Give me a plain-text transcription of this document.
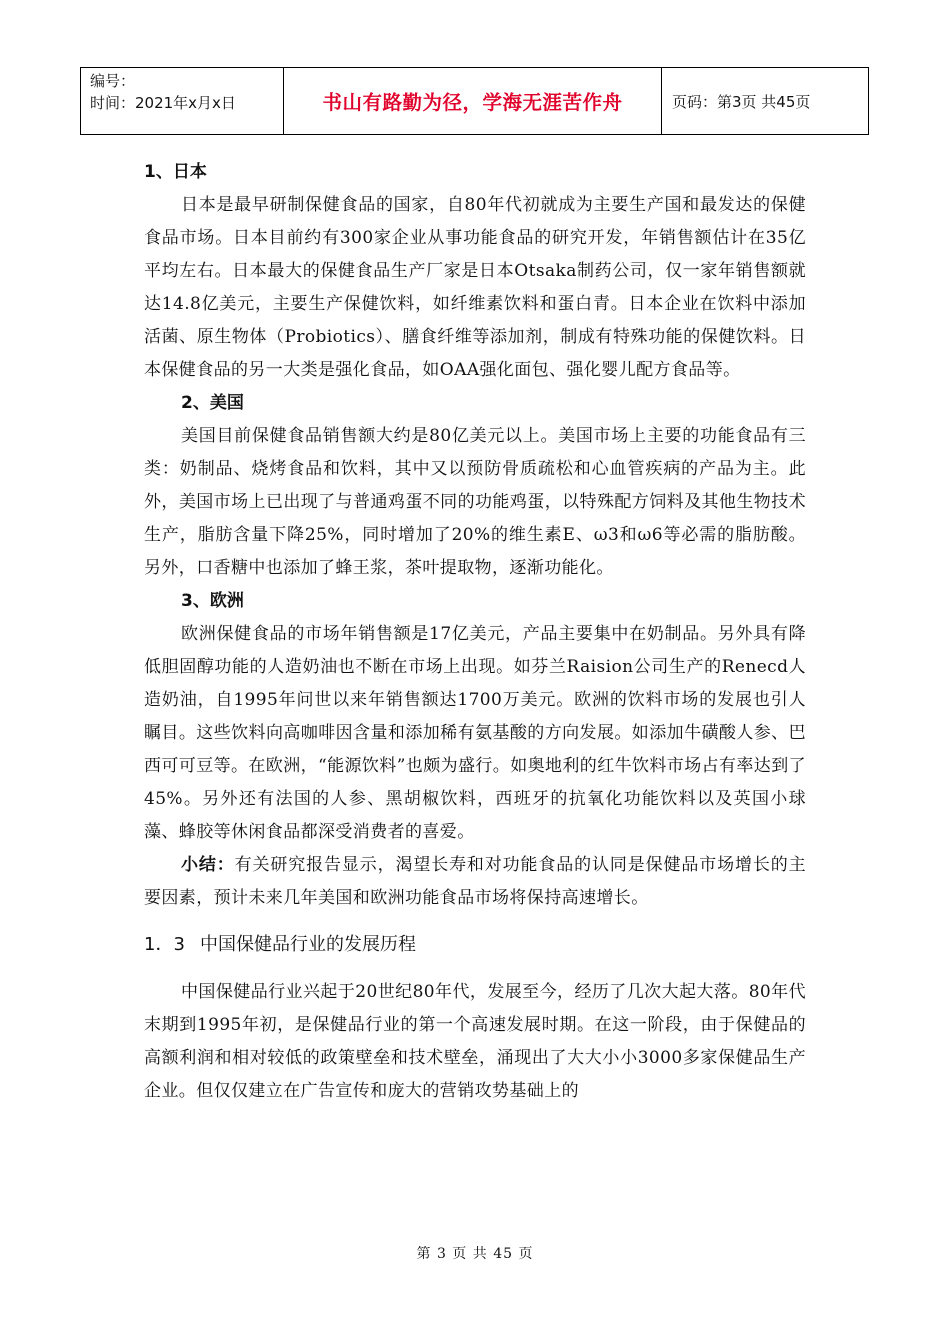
编号：
时间：2021年x月x日	书山有路勤为径，学海无涯苦作舟	页码：第3页 共45页

1、日本

日本是最早研制保健食品的国家，自80年代初就成为主要生产国和最发达的保健食品市场。日本目前约有300家企业从事功能食品的研究开发，年销售额估计在35亿平均左右。日本最大的保健食品生产厂家是日本Otsaka制药公司，仅一家年销售额就达14.8亿美元，主要生产保健饮料，如纤维素饮料和蛋白青。日本企业在饮料中添加活菌、原生物体（Probiotics）、膳食纤维等添加剂，制成有特殊功能的保健饮料。日本保健食品的另一大类是强化食品，如OAA强化面包、强化婴儿配方食品等。

2、美国

美国目前保健食品销售额大约是80亿美元以上。美国市场上主要的功能食品有三类：奶制品、烧烤食品和饮料，其中又以预防骨质疏松和心血管疾病的产品为主。此外，美国市场上已出现了与普通鸡蛋不同的功能鸡蛋，以特殊配方饲料及其他生物技术生产，脂肪含量下降25%，同时增加了20%的维生素E、ω3和ω6等必需的脂肪酸。另外，口香糖中也添加了蜂王浆，茶叶提取物，逐渐功能化。

3、欧洲

欧洲保健食品的市场年销售额是17亿美元，产品主要集中在奶制品。另外具有降低胆固醇功能的人造奶油也不断在市场上出现。如芬兰Raision公司生产的Renecd人造奶油，自1995年问世以来年销售额达1700万美元。欧洲的饮料市场的发展也引人瞩目。这些饮料向高咖啡因含量和添加稀有氨基酸的方向发展。如添加牛磺酸人参、巴西可可豆等。在欧洲，“能源饮料”也颇为盛行。如奥地利的红牛饮料市场占有率达到了45%。另外还有法国的人参、黑胡椒饮料，西班牙的抗氧化功能饮料以及英国小球藻、蜂胶等休闲食品都深受消费者的喜爱。

小结：有关研究报告显示，渴望长寿和对功能食品的认同是保健品市场增长的主要因素，预计未来几年美国和欧洲功能食品市场将保持高速增长。

1．3 中国保健品行业的发展历程

中国保健品行业兴起于20世纪80年代，发展至今，经历了几次大起大落。80年代末期到1995年初，是保健品行业的第一个高速发展时期。在这一阶段，由于保健品的高额利润和相对较低的政策壁垒和技术壁垒，涌现出了大大小小3000多家保健品生产企业。但仅仅建立在广告宣传和庞大的营销攻势基础上的

第 3 页 共 45 页
